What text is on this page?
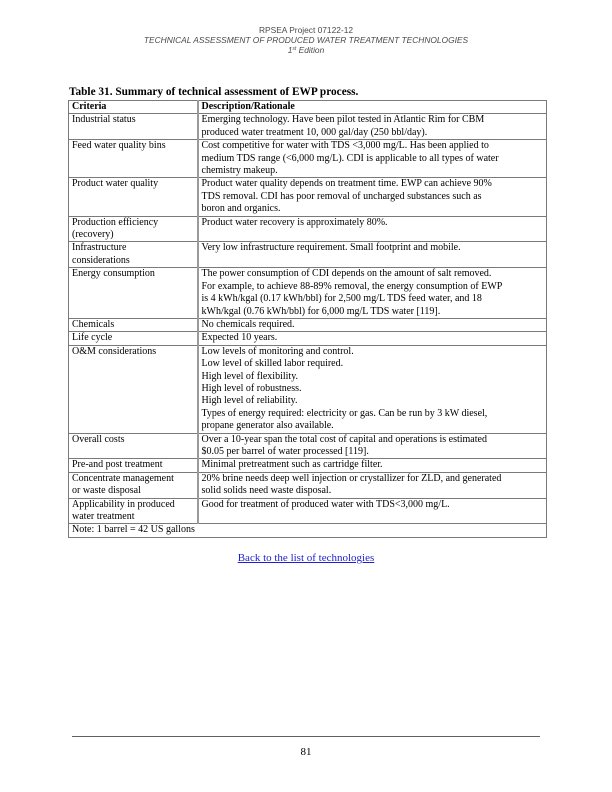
RPSEA Project 07122-12
TECHNICAL ASSESSMENT OF PRODUCED WATER TREATMENT TECHNOLOGIES
1st Edition
Table 31. Summary of technical assessment of EWP process.
Criteria	Description/Rationale

Industrial status	Emerging technology. Have been pilot tested in Atlantic Rim for CBM
produced water treatment 10, 000 gal/day (250 bbl/day).

Feed water quality bins	Cost competitive for water with TDS <3,000 mg/L. Has been applied to
medium TDS range (<6,000 mg/L). CDI is applicable to all types of water
chemistry makeup.

Product water quality	Product water quality depends on treatment time. EWP can achieve 90%
TDS removal. CDI has poor removal of uncharged substances such as
boron and organics.

Production efficiency
(recovery)	Product water recovery is approximately 80%.

Infrastructure
considerations	Very low infrastructure requirement. Small footprint and mobile.

Energy consumption	The power consumption of CDI depends on the amount of salt removed.
For example, to achieve 88-89% removal, the energy consumption of EWP
is 4 kWh/kgal (0.17 kWh/bbl) for 2,500 mg/L TDS feed water, and 18
kWh/kgal (0.76 kWh/bbl) for 6,000 mg/L TDS water [119].

Chemicals	No chemicals required.

Life cycle	Expected 10 years.

O&M considerations	Low levels of monitoring and control.
Low level of skilled labor required.
High level of flexibility.
High level of robustness.
High level of reliability.
Types of energy required: electricity or gas. Can be run by 3 kW diesel,
propane generator also available.

Overall costs	Over a 10-year span the total cost of capital and operations is estimated
$0.05 per barrel of water processed [119].

Pre-and post treatment	Minimal pretreatment such as cartridge filter.

Concentrate management
or waste disposal	20% brine needs deep well injection or crystallizer for ZLD, and generated
solid solids need waste disposal.

Applicability in produced
water treatment	Good for treatment of produced water with TDS<3,000 mg/L.

Note: 1 barrel = 42 US gallons	
Back to the list of technologies
81
